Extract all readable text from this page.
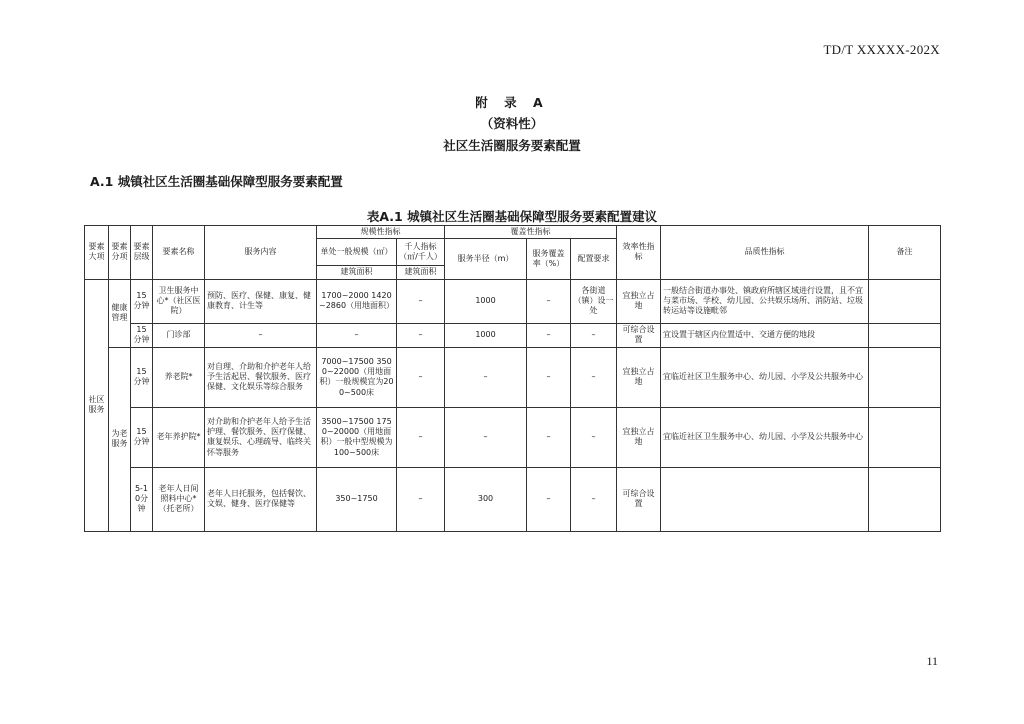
TD/T XXXXX-202X
附 录 A
（资料性）
社区生活圈服务要素配置
A.1 城镇社区生活圈基础保障型服务要素配置
表A.1 城镇社区生活圈基础保障型服务要素配置建议
要素大项	要素分项	要素层级	要素名称	服务内容	规模性指标		覆盖性指标			效率性指标	品质性指标	备注
					单处一般规模（㎡）	千人指标（㎡/千人）	服务半径（m）	服务覆盖率（%）	配置要求			
					建筑面积	建筑面积						
社区服务	健康管理	15分钟	卫生服务中心*（社区医院）	预防、医疗、保健、康复、健康教育、计生等	1700~2000 1420~2860（用地面积）	–	1000	–	各街道（镇）设一处	宜独立占地	一般结合街道办事处、镇政府所辖区域进行设置，且不宜与菜市场、学校、幼儿园、公共娱乐场所、消防站、垃圾转运站等设施毗邻	
		15分钟	门诊部	–	–	–	1000	–	–	可综合设置	宜设置于辖区内位置适中、交通方便的地段	
	为老服务	15分钟	养老院*	对自理、介助和介护老年人给予生活起居、餐饮服务、医疗保健、文化娱乐等综合服务	7000~17500 3500~22000（用地面积）一般规模宜为200~500床	–	–	–	–	宜独立占地	宜临近社区卫生服务中心、幼儿园、小学及公共服务中心	
		15分钟	老年养护院*	对介助和介护老年人给予生活护理、餐饮服务、医疗保健、康复娱乐、心理疏导、临终关怀等服务	3500~17500 1750~20000（用地面积）一般中型规模为100~500床	–	–	–	–	宜独立占地	宜临近社区卫生服务中心、幼儿园、小学及公共服务中心	
		5-10分钟	老年人日间照料中心*（托老所）	老年人日托服务，包括餐饮、文娱、健身、医疗保健等	350~1750	–	300	–	–	可综合设置		
11
